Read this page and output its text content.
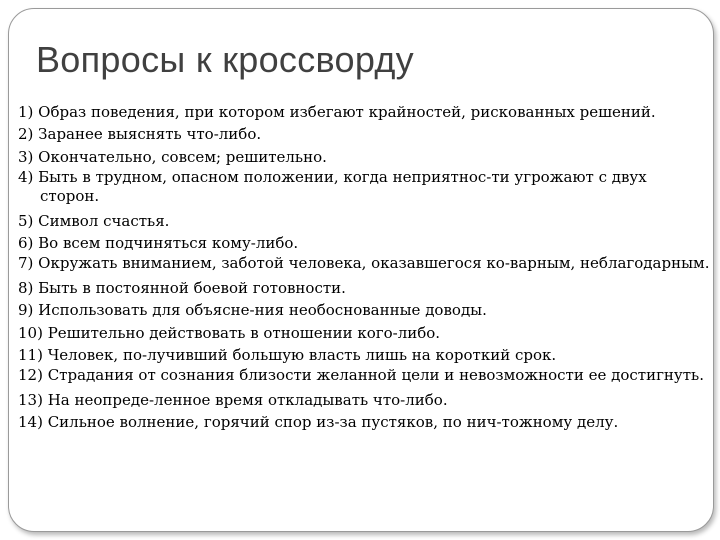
Вопросы к кроссворду
1) Образ поведения, при котором избегают крайностей, рискованных решений.
2) Заранее выяснять что-либо.
3) Окончательно, совсем; решительно.
4) Быть в трудном, опасном положении, когда неприятнос-ти угрожают с двух сторон.
5) Символ счастья.
6) Во всем подчиняться кому-либо.
7) Окружать вниманием, заботой человека, оказавшегося ко-варным, неблагодарным.
8) Быть в постоянной боевой готовности.
9) Использовать для объясне-ния необоснованные доводы.
10) Решительно действовать в отношении кого-либо.
11) Человек, по-лучивший большую власть лишь на короткий срок.
12) Страдания от сознания близости желанной цели и невозможности ее достигнуть.
13) На неопреде-ленное время откладывать что-либо.
14) Сильное волнение, горячий спор из-за пустяков, по нич-тожному делу.
